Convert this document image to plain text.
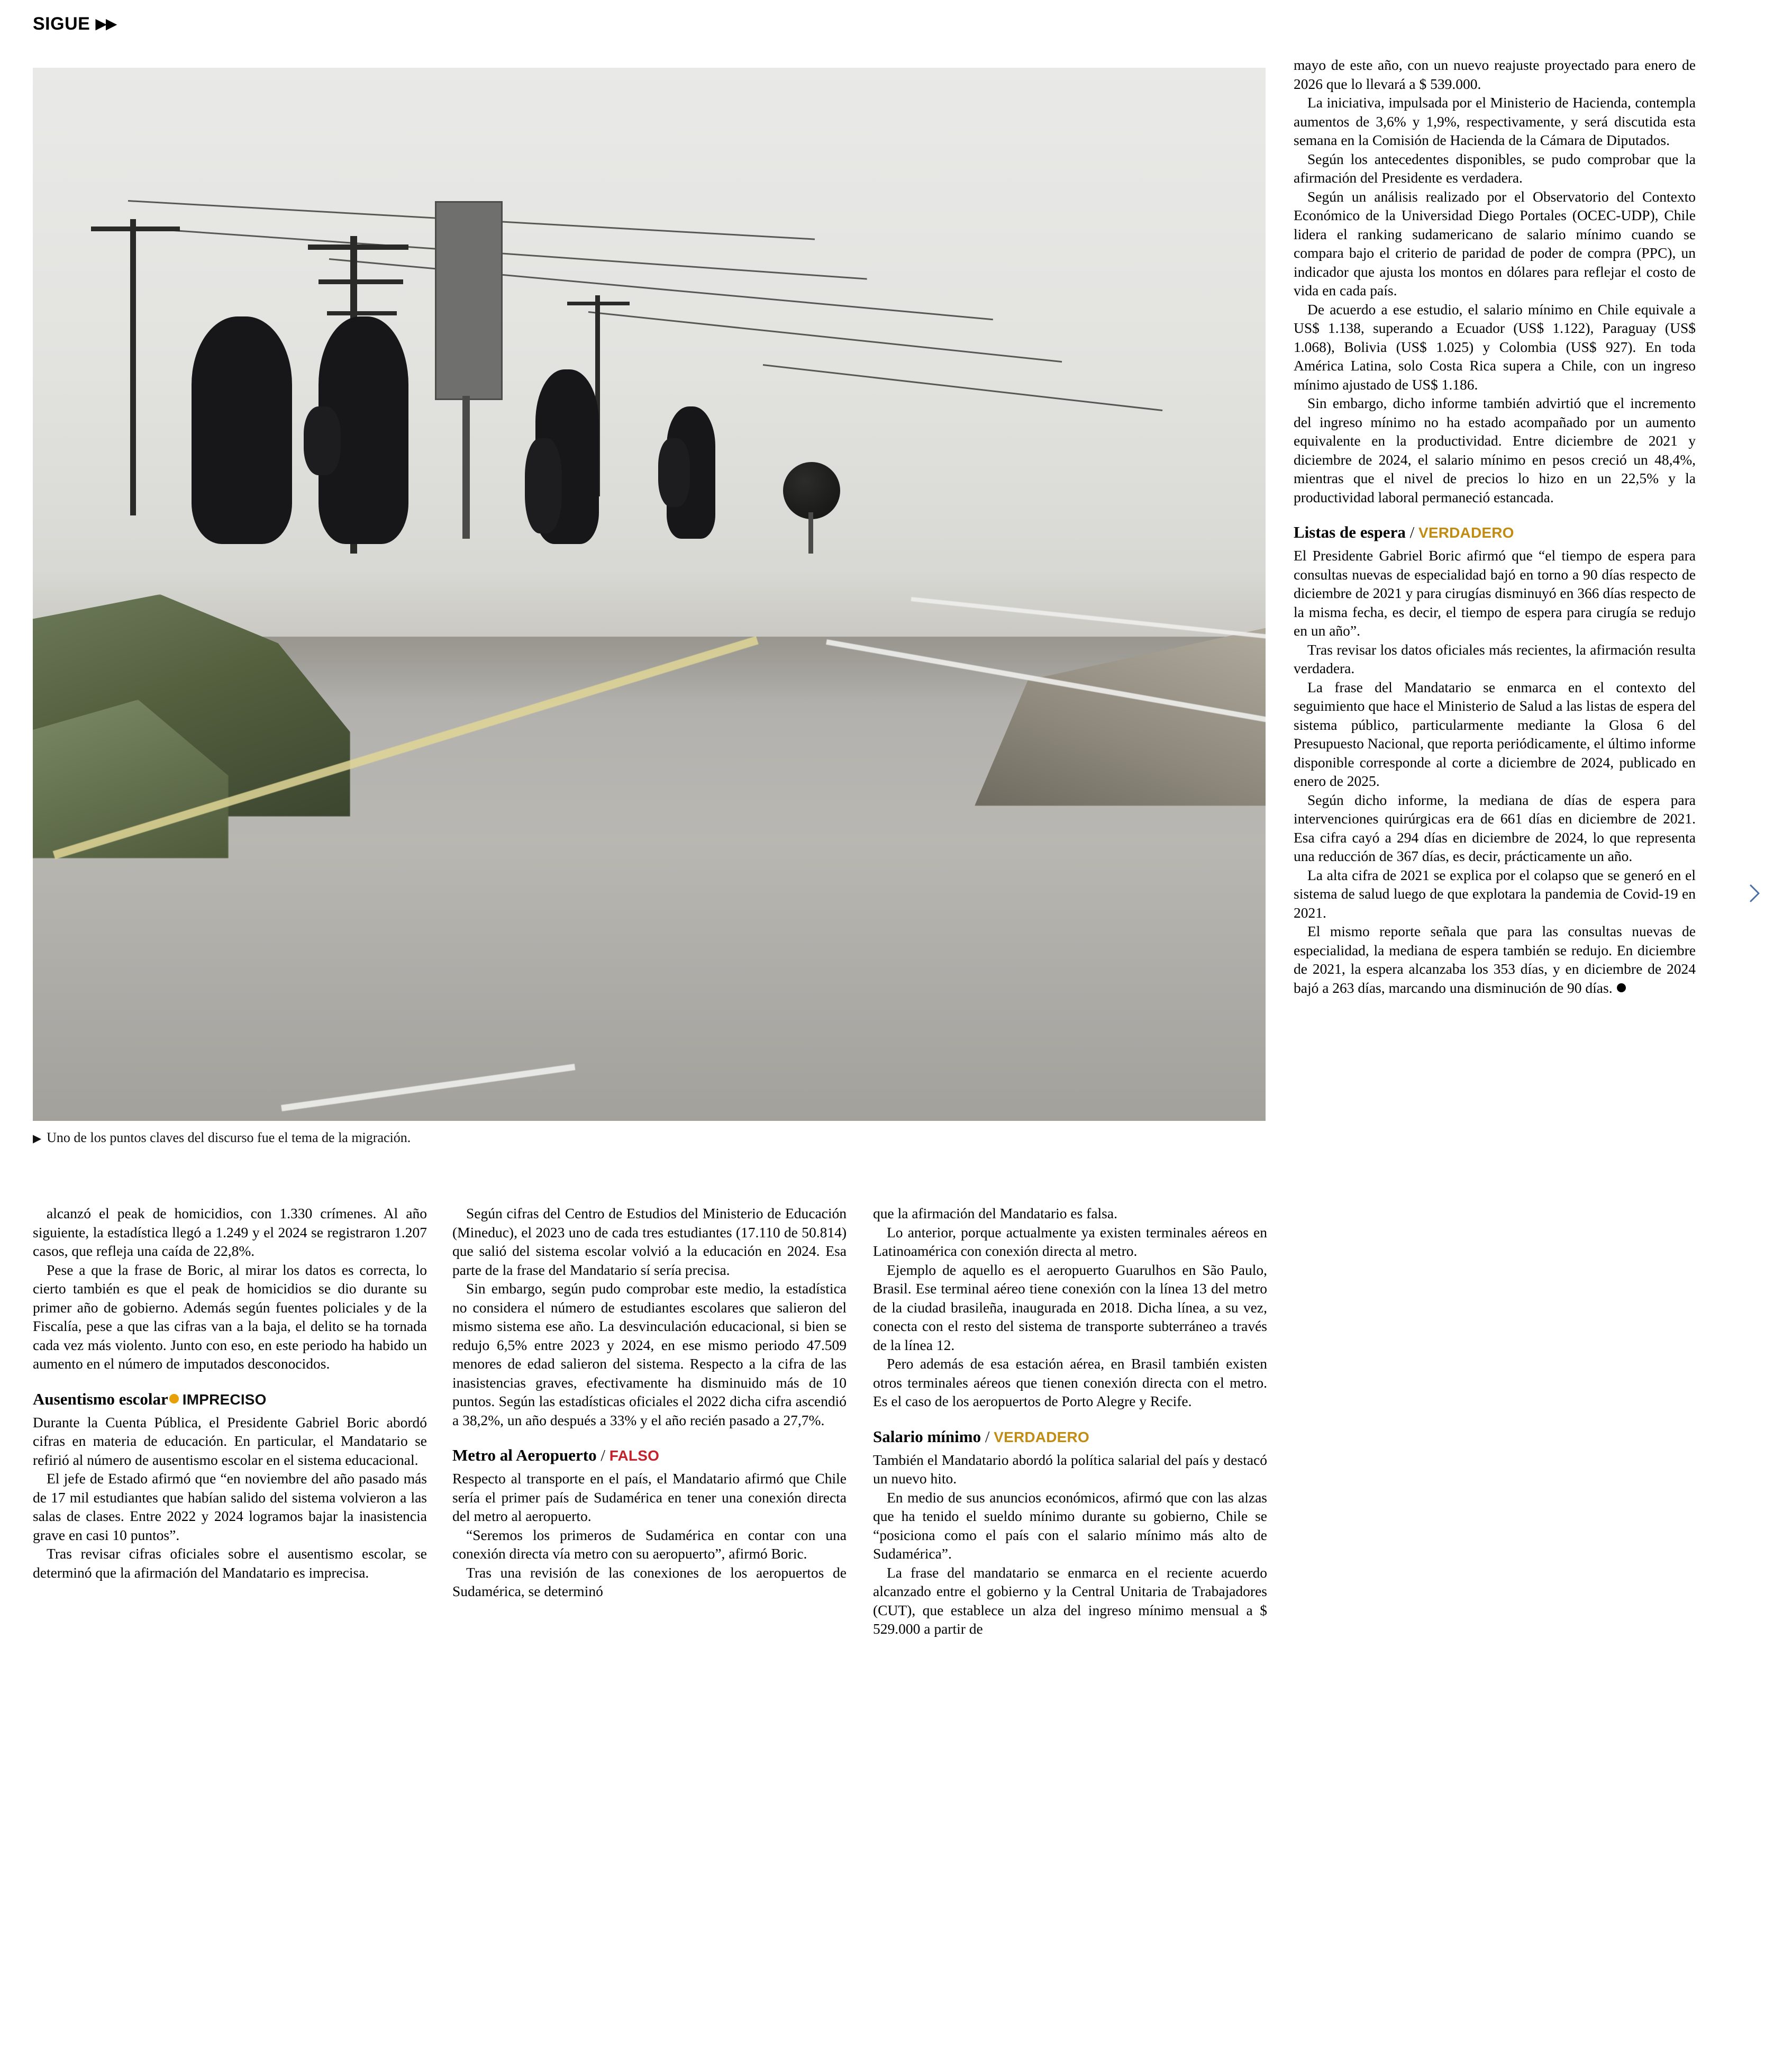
SIGUE ▶▶
▶ Uno de los puntos claves del discurso fue el tema de la migración.

alcanzó el peak de homicidios, con 1.330 crímenes. Al año siguiente, la estadística llegó a 1.249 y el 2024 se registraron 1.207 casos, que refleja una caída de 22,8%.

Pese a que la frase de Boric, al mirar los datos es correcta, lo cierto también es que el peak de homicidios se dio durante su primer año de gobierno. Además según fuentes policiales y de la Fiscalía, pese a que las cifras van a la baja, el delito se ha tornada cada vez más violento. Junto con eso, en este periodo ha habido un aumento en el número de imputados desconocidos.

Ausentismo escolar IMPRECISO

Durante la Cuenta Pública, el Presidente Gabriel Boric abordó cifras en materia de educación. En particular, el Mandatario se refirió al número de ausentismo escolar en el sistema educacional.

El jefe de Estado afirmó que “en noviembre del año pasado más de 17 mil estudiantes que habían salido del sistema volvieron a las salas de clases. Entre 2022 y 2024 logramos bajar la inasistencia grave en casi 10 puntos”.

Tras revisar cifras oficiales sobre el ausentismo escolar, se determinó que la afirmación del Mandatario es imprecisa.

Según cifras del Centro de Estudios del Ministerio de Educación (Mineduc), el 2023 uno de cada tres estudiantes (17.110 de 50.814) que salió del sistema escolar volvió a la educación en 2024. Esa parte de la frase del Mandatario sí sería precisa.

Sin embargo, según pudo comprobar este medio, la estadística no considera el número de estudiantes escolares que salieron del mismo sistema ese año. La desvinculación educacional, si bien se redujo 6,5% entre 2023 y 2024, en ese mismo periodo 47.509 menores de edad salieron del sistema. Respecto a la cifra de las inasistencias graves, efectivamente ha disminuido más de 10 puntos. Según las estadísticas oficiales el 2022 dicha cifra ascendió a 38,2%, un año después a 33% y el año recién pasado a 27,7%.

Metro al Aeropuerto / FALSO

Respecto al transporte en el país, el Mandatario afirmó que Chile sería el primer país de Sudamérica en tener una conexión directa del metro al aeropuerto.

“Seremos los primeros de Sudamérica en contar con una conexión directa vía metro con su aeropuerto”, afirmó Boric.

Tras una revisión de las conexiones de los aeropuertos de Sudamérica, se determinó

que la afirmación del Mandatario es falsa.

Lo anterior, porque actualmente ya existen terminales aéreos en Latinoamérica con conexión directa al metro.

Ejemplo de aquello es el aeropuerto Guarulhos en São Paulo, Brasil. Ese terminal aéreo tiene conexión con la línea 13 del metro de la ciudad brasileña, inaugurada en 2018. Dicha línea, a su vez, conecta con el resto del sistema de transporte subterráneo a través de la línea 12.

Pero además de esa estación aérea, en Brasil también existen otros terminales aéreos que tienen conexión directa con el metro. Es el caso de los aeropuertos de Porto Alegre y Recife.

Salario mínimo / VERDADERO

También el Mandatario abordó la política salarial del país y destacó un nuevo hito.

En medio de sus anuncios económicos, afirmó que con las alzas que ha tenido el sueldo mínimo durante su gobierno, Chile se “posiciona como el país con el salario mínimo más alto de Sudamérica”.

La frase del mandatario se enmarca en el reciente acuerdo alcanzado entre el gobierno y la Central Unitaria de Trabajadores (CUT), que establece un alza del ingreso mínimo mensual a $ 529.000 a partir de

mayo de este año, con un nuevo reajuste proyectado para enero de 2026 que lo llevará a $ 539.000.

La iniciativa, impulsada por el Ministerio de Hacienda, contempla aumentos de 3,6% y 1,9%, respectivamente, y será discutida esta semana en la Comisión de Hacienda de la Cámara de Diputados.

Según los antecedentes disponibles, se pudo comprobar que la afirmación del Presidente es verdadera.

Según un análisis realizado por el Observatorio del Contexto Económico de la Universidad Diego Portales (OCEC-UDP), Chile lidera el ranking sudamericano de salario mínimo cuando se compara bajo el criterio de paridad de poder de compra (PPC), un indicador que ajusta los montos en dólares para reflejar el costo de vida en cada país.

De acuerdo a ese estudio, el salario mínimo en Chile equivale a US$ 1.138, superando a Ecuador (US$ 1.122), Paraguay (US$ 1.068), Bolivia (US$ 1.025) y Colombia (US$ 927). En toda América Latina, solo Costa Rica supera a Chile, con un ingreso mínimo ajustado de US$ 1.186.

Sin embargo, dicho informe también advirtió que el incremento del ingreso mínimo no ha estado acompañado por un aumento equivalente en la productividad. Entre diciembre de 2021 y diciembre de 2024, el salario mínimo en pesos creció un 48,4%, mientras que el nivel de precios lo hizo en un 22,5% y la productividad laboral permaneció estancada.

Listas de espera / VERDADERO

El Presidente Gabriel Boric afirmó que “el tiempo de espera para consultas nuevas de especialidad bajó en torno a 90 días respecto de diciembre de 2021 y para cirugías disminuyó en 366 días respecto de la misma fecha, es decir, el tiempo de espera para cirugía se redujo en un año”.

Tras revisar los datos oficiales más recientes, la afirmación resulta verdadera.

La frase del Mandatario se enmarca en el contexto del seguimiento que hace el Ministerio de Salud a las listas de espera del sistema público, particularmente mediante la Glosa 6 del Presupuesto Nacional, que reporta periódicamente, el último informe disponible corresponde al corte a diciembre de 2024, publicado en enero de 2025.

Según dicho informe, la mediana de días de espera para intervenciones quirúrgicas era de 661 días en diciembre de 2021. Esa cifra cayó a 294 días en diciembre de 2024, lo que representa una reducción de 367 días, es decir, prácticamente un año.

La alta cifra de 2021 se explica por el colapso que se generó en el sistema de salud luego de que explotara la pandemia de Covid-19 en 2021.

El mismo reporte señala que para las consultas nuevas de especialidad, la mediana de espera también se redujo. En diciembre de 2021, la espera alcanzaba los 353 días, y en diciembre de 2024 bajó a 263 días, marcando una disminución de 90 días.
